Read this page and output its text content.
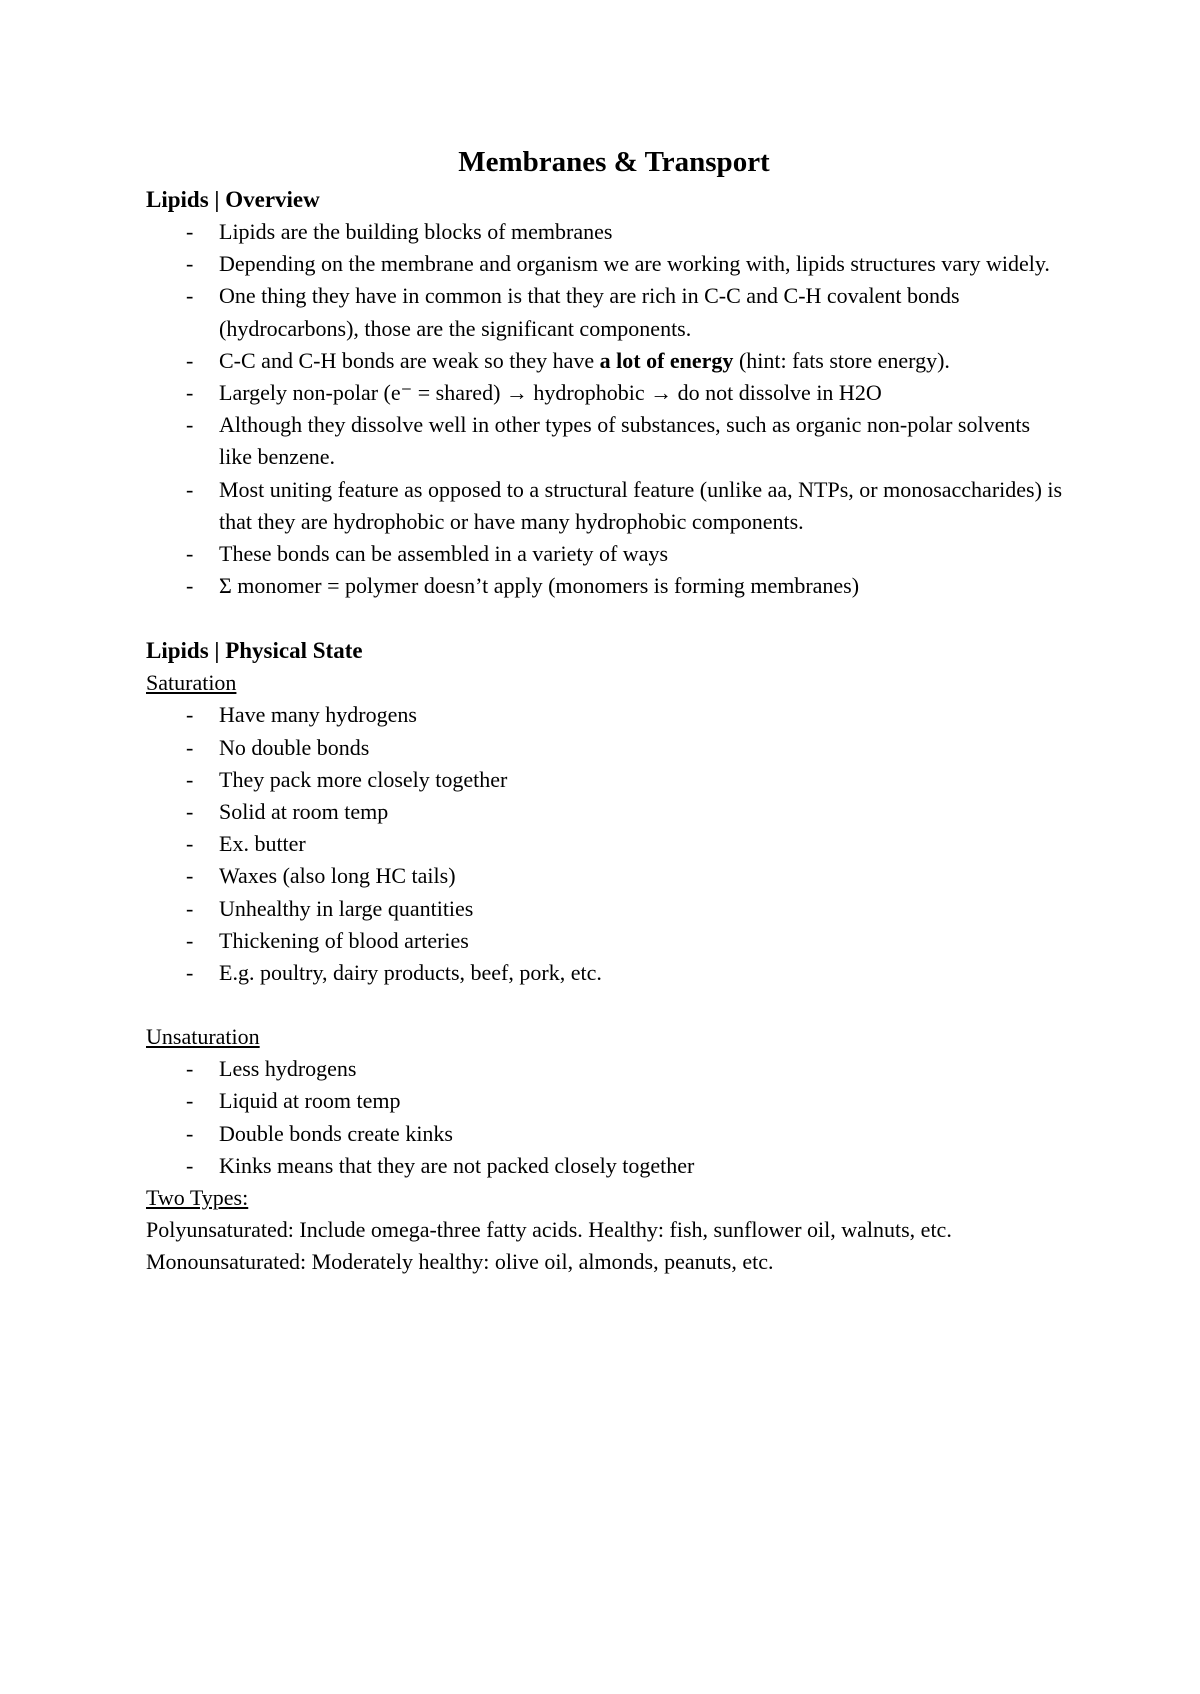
Membranes & Transport
Lipids | Overview
- Lipids are the building blocks of membranes
- Depending on the membrane and organism we are working with, lipids structures vary widely.
- One thing they have in common is that they are rich in C-C and C-H covalent bonds (hydrocarbons), those are the significant components.
- C-C and C-H bonds are weak so they have a lot of energy (hint: fats store energy).
- Largely non-polar (e⁻ = shared) → hydrophobic → do not dissolve in H2O
- Although they dissolve well in other types of substances, such as organic non-polar solvents like benzene.
- Most uniting feature as opposed to a structural feature (unlike aa, NTPs, or monosaccharides) is that they are hydrophobic or have many hydrophobic components.
- These bonds can be assembled in a variety of ways
- Σ monomer = polymer doesn’t apply (monomers is forming membranes)
Lipids | Physical State

Saturation

- Have many hydrogens
- No double bonds
- They pack more closely together
- Solid at room temp
- Ex. butter
- Waxes (also long HC tails)
- Unhealthy in large quantities
- Thickening of blood arteries
- E.g. poultry, dairy products, beef, pork, etc.

Unsaturation

- Less hydrogens
- Liquid at room temp
- Double bonds create kinks
- Kinks means that they are not packed closely together

Two Types:

Polyunsaturated: Include omega-three fatty acids. Healthy: fish, sunflower oil, walnuts, etc.

Monounsaturated: Moderately healthy: olive oil, almonds, peanuts, etc.
